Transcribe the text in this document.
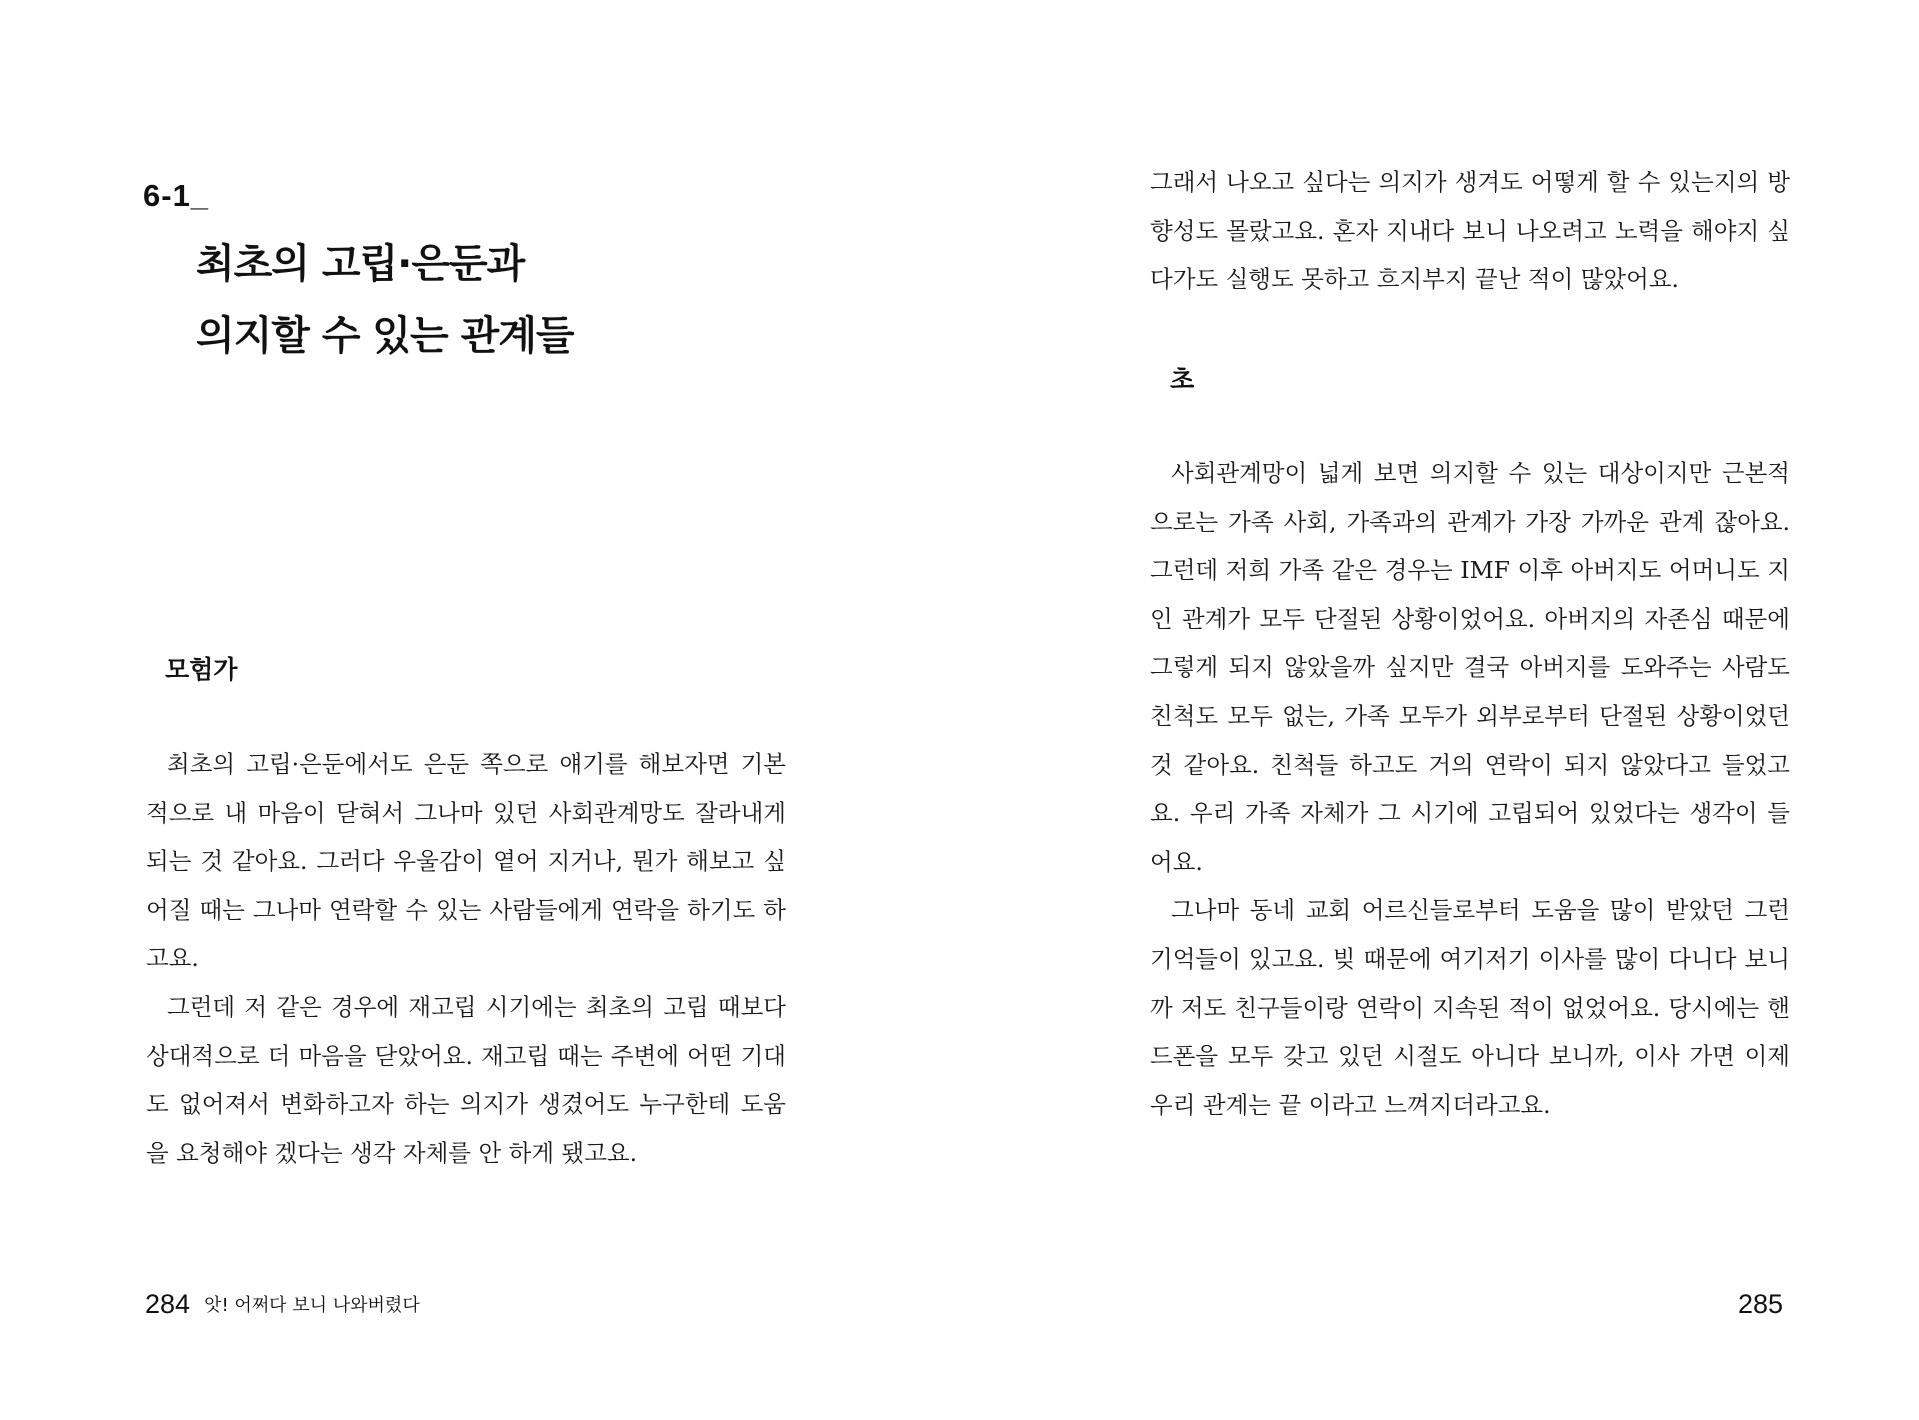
6-1_
최초의 고립·은둔과
의지할 수 있는 관계들
모험가

최초의 고립·은둔에서도 은둔 쪽으로 얘기를 해보자면 기본적으로 내 마음이 닫혀서 그나마 있던 사회관계망도 잘라내게 되는 것 같아요. 그러다 우울감이 옅어 지거나, 뭔가 해보고 싶어질 때는 그나마 연락할 수 있는 사람들에게 연락을 하기도 하고요.

그런데 저 같은 경우에 재고립 시기에는 최초의 고립 때보다 상대적으로 더 마음을 닫았어요. 재고립 때는 주변에 어떤 기대도 없어져서 변화하고자 하는 의지가 생겼어도 누구한테 도움을 요청해야 겠다는 생각 자체를 안 하게 됐고요.

284 앗! 어쩌다 보니 나와버렸다

그래서 나오고 싶다는 의지가 생겨도 어떻게 할 수 있는지의 방향성도 몰랐고요. 혼자 지내다 보니 나오려고 노력을 해야지 싶다가도 실행도 못하고 흐지부지 끝난 적이 많았어요.

초

사회관계망이 넓게 보면 의지할 수 있는 대상이지만 근본적으로는 가족 사회, 가족과의 관계가 가장 가까운 관계 잖아요. 그런데 저희 가족 같은 경우는 IMF 이후 아버지도 어머니도 지인 관계가 모두 단절된 상황이었어요. 아버지의 자존심 때문에 그렇게 되지 않았을까 싶지만 결국 아버지를 도와주는 사람도 친척도 모두 없는, 가족 모두가 외부로부터 단절된 상황이었던 것 같아요. 친척들 하고도 거의 연락이 되지 않았다고 들었고요. 우리 가족 자체가 그 시기에 고립되어 있었다는 생각이 들어요.

그나마 동네 교회 어르신들로부터 도움을 많이 받았던 그런 기억들이 있고요. 빚 때문에 여기저기 이사를 많이 다니다 보니까 저도 친구들이랑 연락이 지속된 적이 없었어요. 당시에는 핸드폰을 모두 갖고 있던 시절도 아니다 보니까, 이사 가면 이제 우리 관계는 끝 이라고 느껴지더라고요.

285
